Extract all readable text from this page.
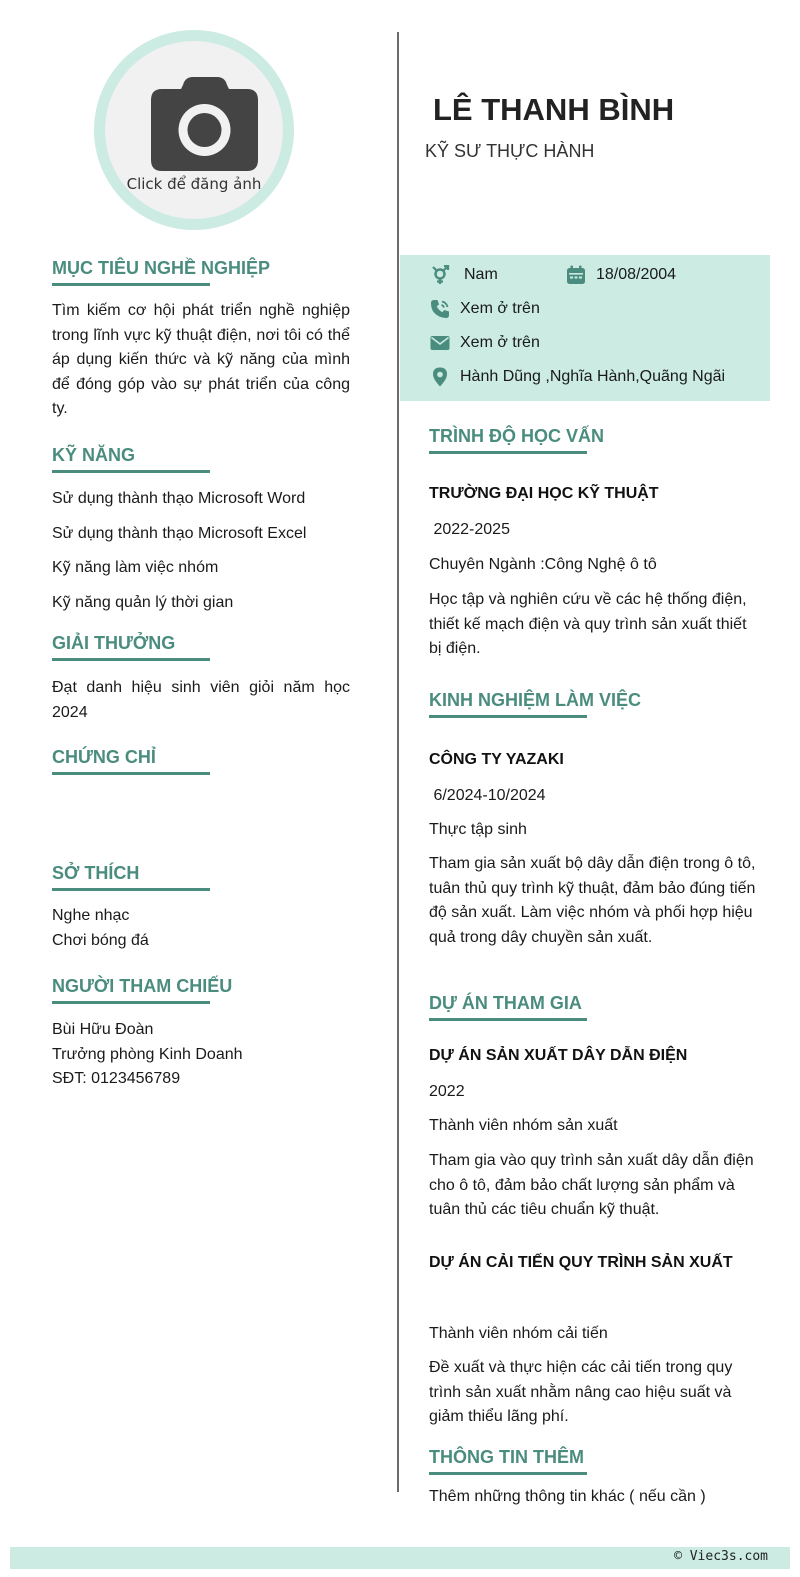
Click để đăng ảnh
LÊ THANH BÌNH
KỸ SƯ THỰC HÀNH
Nam	18/08/2004
Xem ở trên
Xem ở trên
Hành Dũng ,Nghĩa Hành,Quãng Ngãi
MỤC TIÊU NGHỀ NGHIỆP
Tìm kiếm cơ hội phát triển nghề nghiệp trong lĩnh vực kỹ thuật điện, nơi tôi có thể áp dụng kiến thức và kỹ năng của mình để đóng góp vào sự phát triển của công ty.
KỸ NĂNG
Sử dụng thành thạo Microsoft Word
Sử dụng thành thạo Microsoft Excel
Kỹ năng làm việc nhóm
Kỹ năng quản lý thời gian
GIẢI THƯỞNG
Đạt danh hiệu sinh viên giỏi năm học 2024
CHỨNG CHỈ
SỞ THÍCH
Nghe nhạc
Chơi bóng đá
NGƯỜI THAM CHIẾU
Bùi Hữu Đoàn
Trưởng phòng Kinh Doanh
SĐT: 0123456789
TRÌNH ĐỘ HỌC VẤN
TRƯỜNG ĐẠI HỌC KỸ THUẬT
2022-2025
Chuyên Ngành :Công Nghệ ô tô
Học tập và nghiên cứu về các hệ thống điện, thiết kế mạch điện và quy trình sản xuất thiết bị điện.
KINH NGHIỆM LÀM VIỆC
CÔNG TY YAZAKI
6/2024-10/2024
Thực tập sinh
Tham gia sản xuất bộ dây dẫn điện trong ô tô, tuân thủ quy trình kỹ thuật, đảm bảo đúng tiến độ sản xuất. Làm việc nhóm và phối hợp hiệu quả trong dây chuyền sản xuất.
DỰ ÁN THAM GIA
DỰ ÁN SẢN XUẤT DÂY DẪN ĐIỆN
2022
Thành viên nhóm sản xuất
Tham gia vào quy trình sản xuất dây dẫn điện cho ô tô, đảm bảo chất lượng sản phẩm và tuân thủ các tiêu chuẩn kỹ thuật.
DỰ ÁN CẢI TIẾN QUY TRÌNH SẢN XUẤT
Thành viên nhóm cải tiến
Đề xuất và thực hiện các cải tiến trong quy trình sản xuất nhằm nâng cao hiệu suất và giảm thiểu lãng phí.
THÔNG TIN THÊM
Thêm những thông tin khác ( nếu cần )
© Viec3s.com
